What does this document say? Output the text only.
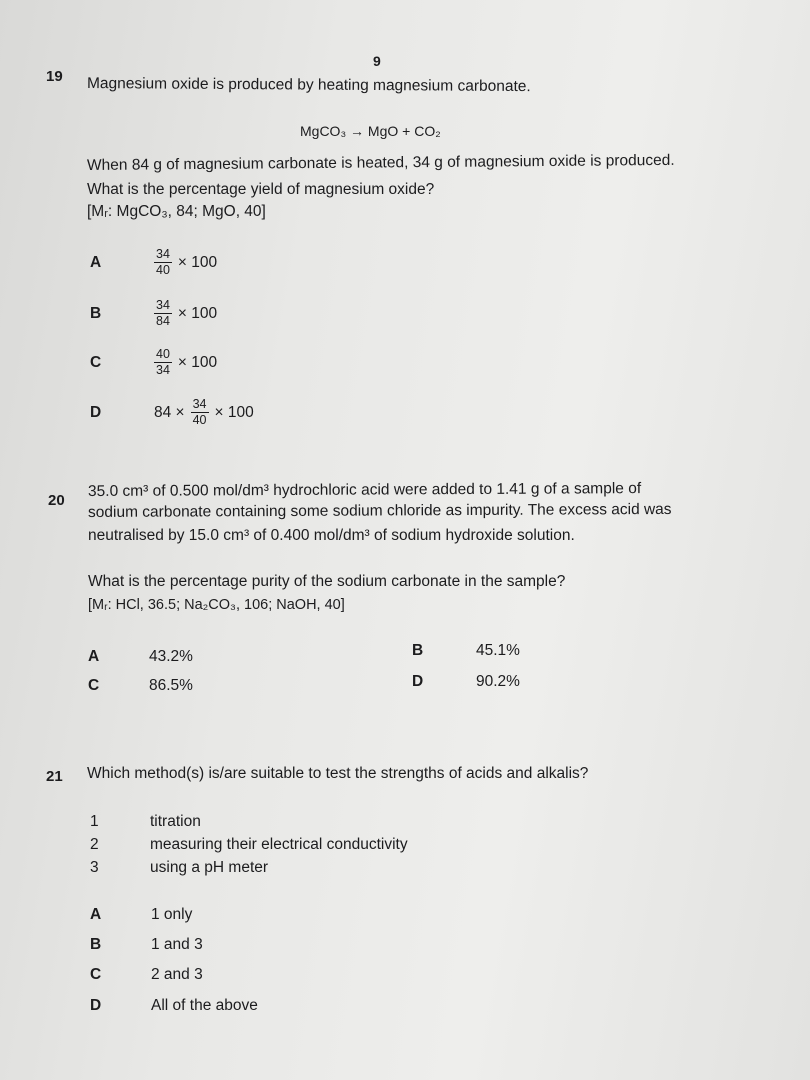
9
19 Magnesium oxide is produced by heating magnesium carbonate.
MgCO₃ → MgO + CO₂
When 84 g of magnesium carbonate is heated, 34 g of magnesium oxide is produced.
What is the percentage yield of magnesium oxide?
[Mᵣ: MgCO₃, 84; MgO, 40]
A	$\frac{34}{40} \times 100$
B	$\frac{34}{84} \times 100$
C	$\frac{40}{34} \times 100$
D	$84 \times \frac{34}{40} \times 100$
20
35.0 cm³ of 0.500 mol/dm³ hydrochloric acid were added to 1.41 g of a sample of
sodium carbonate containing some sodium chloride as impurity. The excess acid was
neutralised by 15.0 cm³ of 0.400 mol/dm³ of sodium hydroxide solution.
What is the percentage purity of the sodium carbonate in the sample?
[Mᵣ: HCl, 36.5; Na₂CO₃, 106; NaOH, 40]
A	43.2%	B	45.1%
C	86.5%	D	90.2%
21 Which method(s) is/are suitable to test the strengths of acids and alkalis?
1	titration
2	measuring their electrical conductivity
3	using a pH meter
A	1 only
B	1 and 3
C	2 and 3
D	All of the above
